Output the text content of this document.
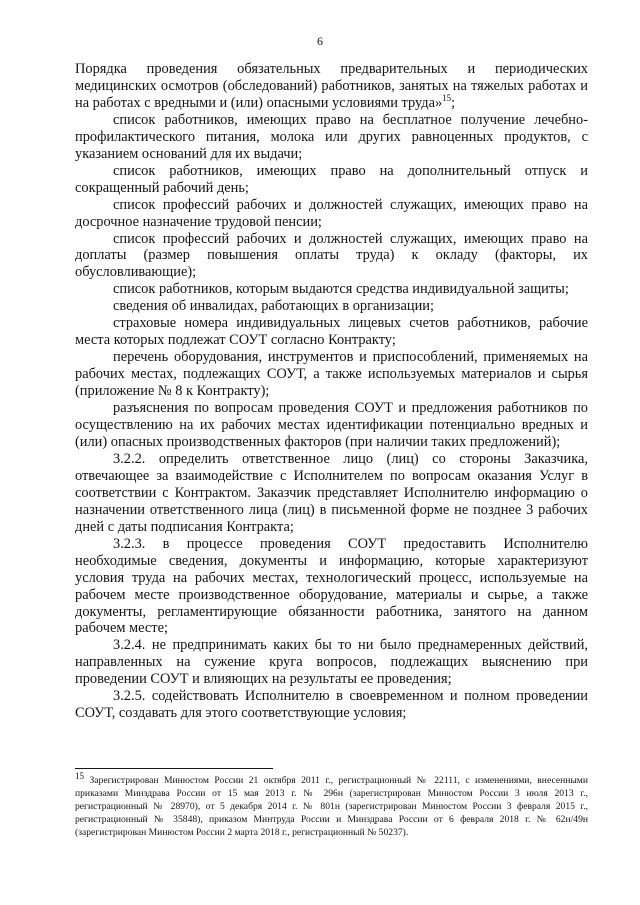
6

Порядка проведения обязательных предварительных и периодических медицинских осмотров (обследований) работников, занятых на тяжелых работах и на работах с вредными и (или) опасными условиями труда»$^{15}$;

список работников, имеющих право на бесплатное получение лечебно-профилактического питания, молока или других равноценных продуктов, с указанием оснований для их выдачи;

список работников, имеющих право на дополнительный отпуск и сокращенный рабочий день;

список профессий рабочих и должностей служащих, имеющих право на досрочное назначение трудовой пенсии;

список профессий рабочих и должностей служащих, имеющих право на доплаты (размер повышения оплаты труда) к окладу (факторы, их обусловливающие);

список работников, которым выдаются средства индивидуальной защиты;

сведения об инвалидах, работающих в организации;

страховые номера индивидуальных лицевых счетов работников, рабочие места которых подлежат СОУТ согласно Контракту;

перечень оборудования, инструментов и приспособлений, применяемых на рабочих местах, подлежащих СОУТ, а также используемых материалов и сырья (приложение № 8 к Контракту);

разъяснения по вопросам проведения СОУТ и предложения работников по осуществлению на их рабочих местах идентификации потенциально вредных и (или) опасных производственных факторов (при наличии таких предложений);

3.2.2. определить ответственное лицо (лиц) со стороны Заказчика, отвечающее за взаимодействие с Исполнителем по вопросам оказания Услуг в соответствии с Контрактом. Заказчик представляет Исполнителю информацию о назначении ответственного лица (лиц) в письменной форме не позднее 3 рабочих дней с даты подписания Контракта;

3.2.3. в процессе проведения СОУТ предоставить Исполнителю необходимые сведения, документы и информацию, которые характеризуют условия труда на рабочих местах, технологический процесс, используемые на рабочем месте производственное оборудование, материалы и сырье, а также документы, регламентирующие обязанности работника, занятого на данном рабочем месте;

3.2.4. не предпринимать каких бы то ни было преднамеренных действий, направленных на сужение круга вопросов, подлежащих выяснению при проведении СОУТ и влияющих на результаты ее проведения;

3.2.5. содействовать Исполнителю в своевременном и полном проведении СОУТ, создавать для этого соответствующие условия;

$^{15}$ Зарегистрирован Минюстом России 21 октября 2011 г., регистрационный № 22111, с изменениями, внесенными приказами Минздрава России от 15 мая 2013 г. № 296н (зарегистрирован Минюстом России 3 июля 2013 г., регистрационный № 28970), от 5 декабря 2014 г. № 801н (зарегистрирован Минюстом России 3 февраля 2015 г., регистрационный № 35848), приказом Минтруда России и Минздрава России от 6 февраля 2018 г. № 62н/49н (зарегистрирован Минюстом России 2 марта 2018 г., регистрационный № 50237).
